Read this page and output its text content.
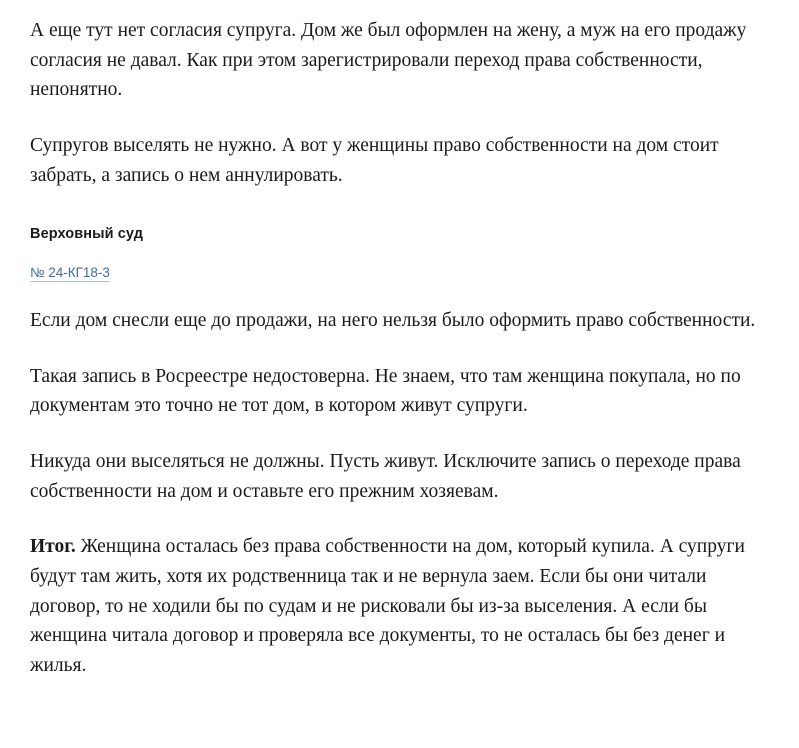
А еще тут нет согласия супруга. Дом же был оформлен на жену, а муж на его продажу согласия не давал. Как при этом зарегистрировали переход права собственности, непонятно.

Супругов выселять не нужно. А вот у женщины право собственности на дом стоит забрать, а запись о нем аннулировать.

Верховный суд
№ 24-КГ18-3

Если дом снесли еще до продажи, на него нельзя было оформить право собственности.

Такая запись в Росреестре недостоверна. Не знаем, что там женщина покупала, но по документам это точно не тот дом, в котором живут супруги.

Никуда они выселяться не должны. Пусть живут. Исключите запись о переходе права собственности на дом и оставьте его прежним хозяевам.

Итог. Женщина осталась без права собственности на дом, который купила. А супруги будут там жить, хотя их родственница так и не вернула заем. Если бы они читали договор, то не ходили бы по судам и не рисковали бы из-за выселения. А если бы женщина читала договор и проверяла все документы, то не осталась бы без денег и жилья.
